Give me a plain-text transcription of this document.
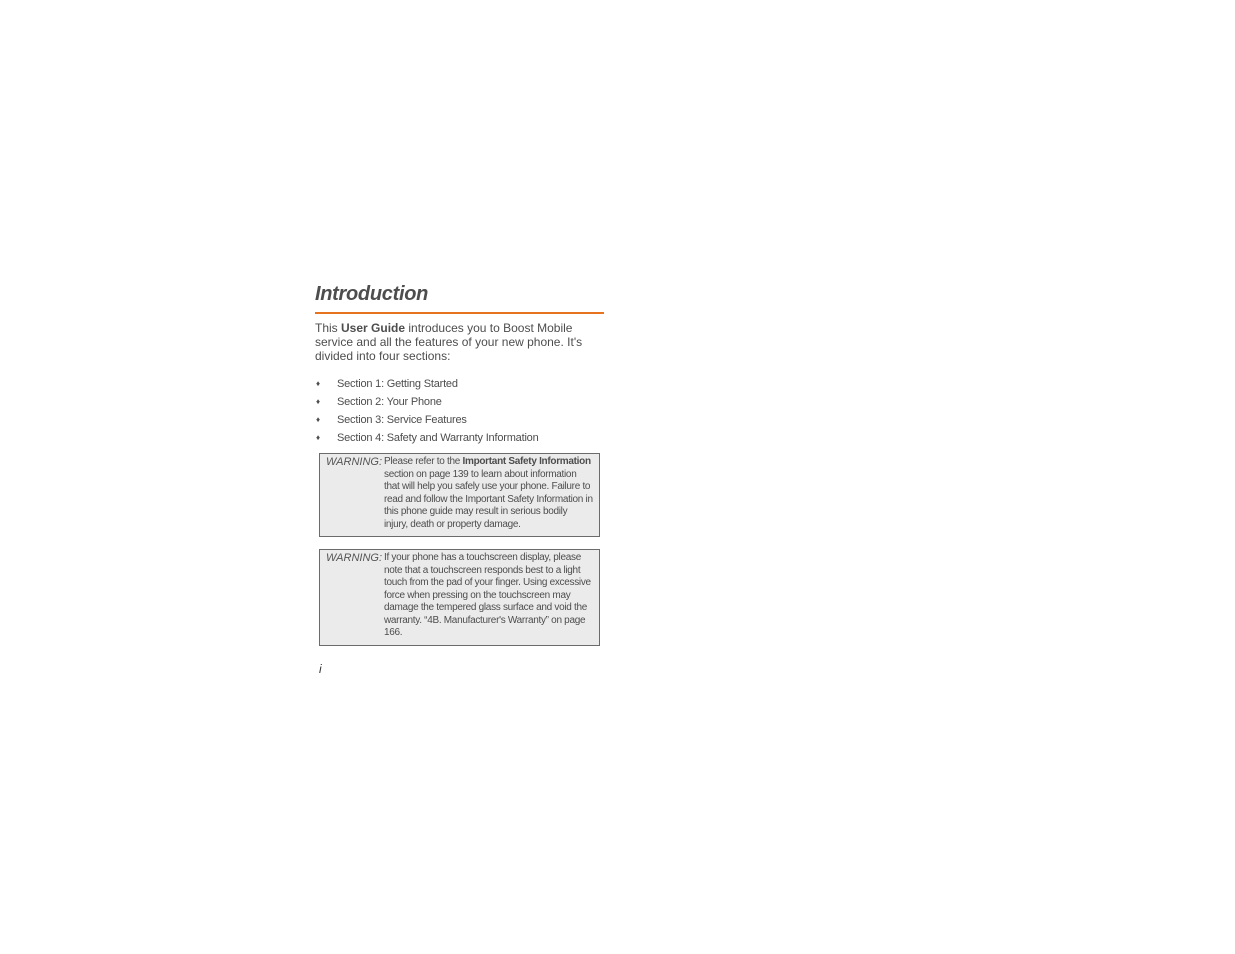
Introduction

This User Guide introduces you to Boost Mobile service and all the features of your new phone. It's divided into four sections:

♦ Section 1: Getting Started
♦ Section 2: Your Phone
♦ Section 3: Service Features
♦ Section 4: Safety and Warranty Information
WARNING: Please refer to the Important Safety Information section on page 139 to learn about information that will help you safely use your phone. Failure to read and follow the Important Safety Information in this phone guide may result in serious bodily injury, death or property damage.
WARNING: If your phone has a touchscreen display, please note that a touchscreen responds best to a light touch from the pad of your finger. Using excessive force when pressing on the touchscreen may damage the tempered glass surface and void the warranty. “4B. Manufacturer's Warranty” on page 166.
i
